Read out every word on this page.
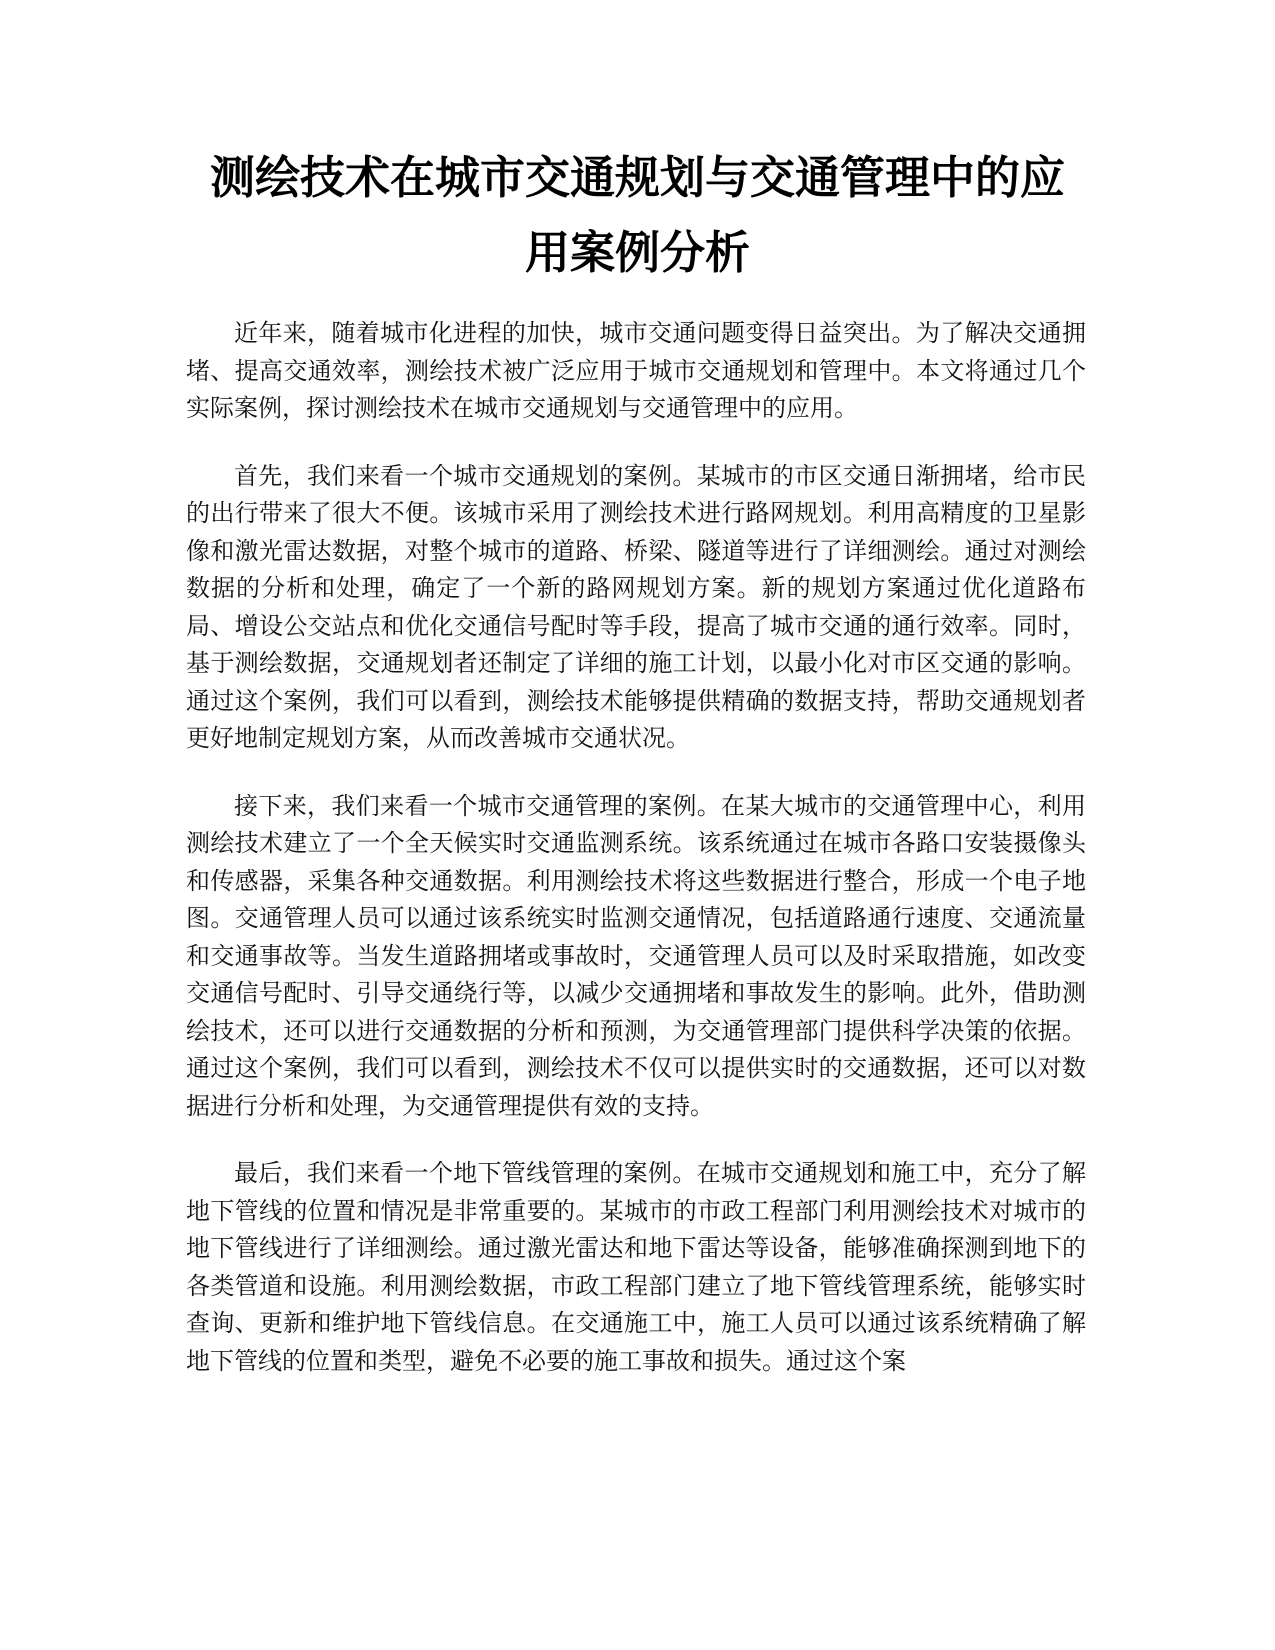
测绘技术在城市交通规划与交通管理中的应
用案例分析

近年来，随着城市化进程的加快，城市交通问题变得日益突出。为了解决交通拥堵、提高交通效率，测绘技术被广泛应用于城市交通规划和管理中。本文将通过几个实际案例，探讨测绘技术在城市交通规划与交通管理中的应用。

首先，我们来看一个城市交通规划的案例。某城市的市区交通日渐拥堵，给市民的出行带来了很大不便。该城市采用了测绘技术进行路网规划。利用高精度的卫星影像和激光雷达数据，对整个城市的道路、桥梁、隧道等进行了详细测绘。通过对测绘数据的分析和处理，确定了一个新的路网规划方案。新的规划方案通过优化道路布局、增设公交站点和优化交通信号配时等手段，提高了城市交通的通行效率。同时，基于测绘数据，交通规划者还制定了详细的施工计划，以最小化对市区交通的影响。通过这个案例，我们可以看到，测绘技术能够提供精确的数据支持，帮助交通规划者更好地制定规划方案，从而改善城市交通状况。

接下来，我们来看一个城市交通管理的案例。在某大城市的交通管理中心，利用测绘技术建立了一个全天候实时交通监测系统。该系统通过在城市各路口安装摄像头和传感器，采集各种交通数据。利用测绘技术将这些数据进行整合，形成一个电子地图。交通管理人员可以通过该系统实时监测交通情况，包括道路通行速度、交通流量和交通事故等。当发生道路拥堵或事故时，交通管理人员可以及时采取措施，如改变交通信号配时、引导交通绕行等，以减少交通拥堵和事故发生的影响。此外，借助测绘技术，还可以进行交通数据的分析和预测，为交通管理部门提供科学决策的依据。通过这个案例，我们可以看到，测绘技术不仅可以提供实时的交通数据，还可以对数据进行分析和处理，为交通管理提供有效的支持。

最后，我们来看一个地下管线管理的案例。在城市交通规划和施工中，充分了解地下管线的位置和情况是非常重要的。某城市的市政工程部门利用测绘技术对城市的地下管线进行了详细测绘。通过激光雷达和地下雷达等设备，能够准确探测到地下的各类管道和设施。利用测绘数据，市政工程部门建立了地下管线管理系统，能够实时查询、更新和维护地下管线信息。在交通施工中，施工人员可以通过该系统精确了解地下管线的位置和类型，避免不必要的施工事故和损失。通过这个案
